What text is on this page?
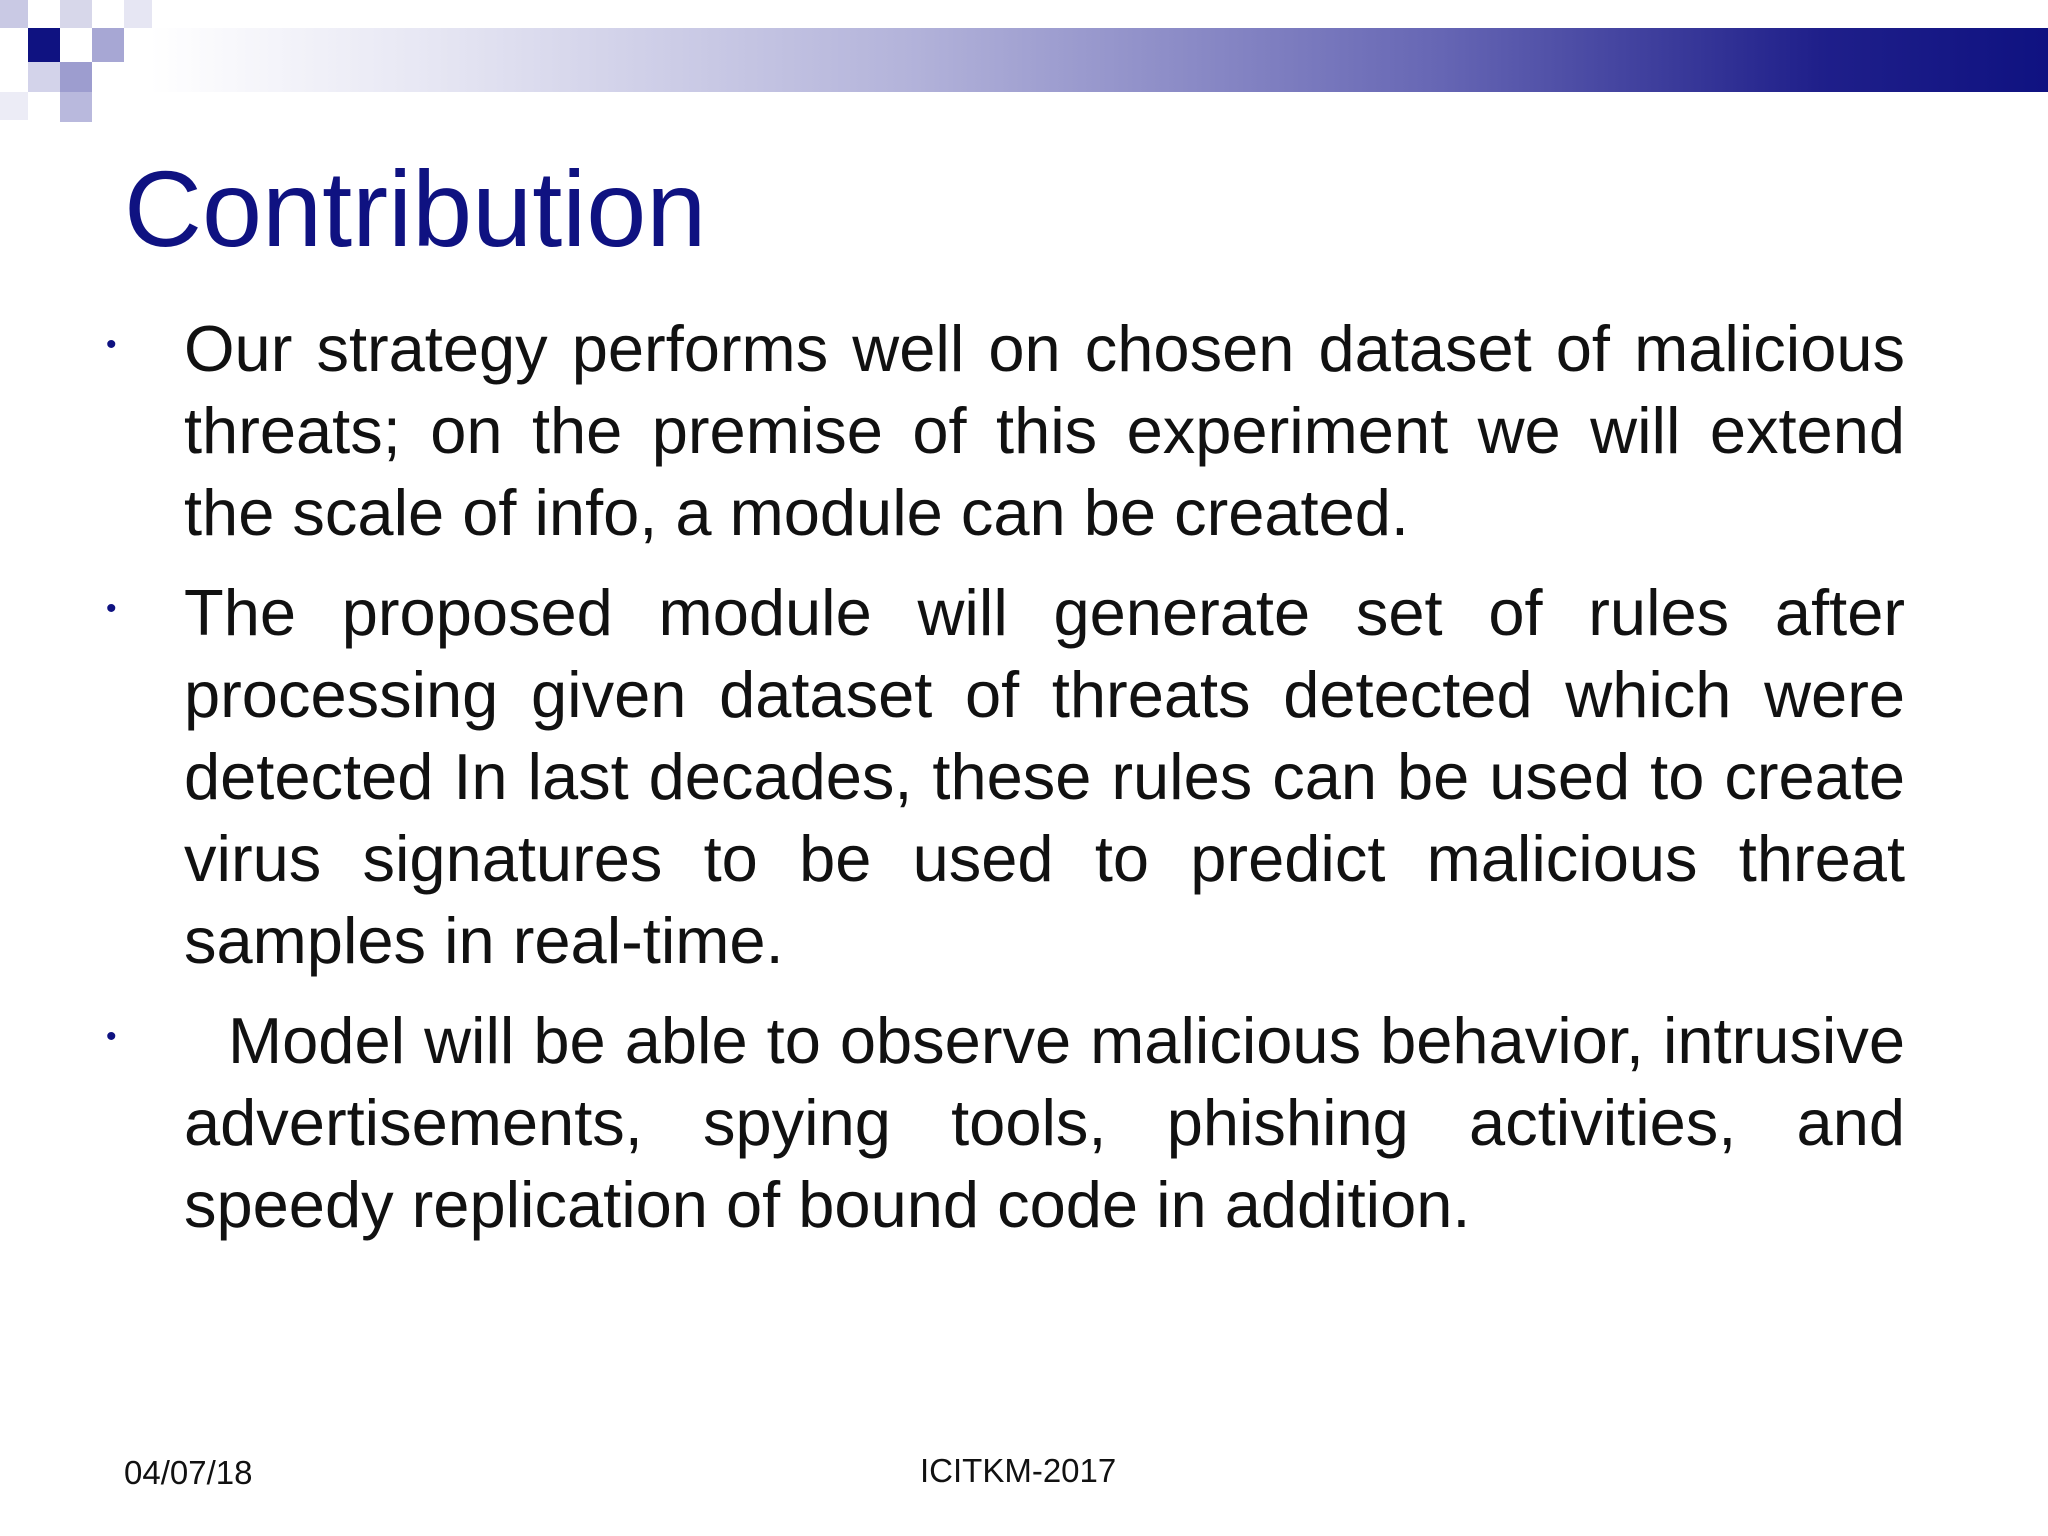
Contribution
• Our strategy performs well on chosen dataset of malicious threats; on the premise of this experiment we will extend the scale of info, a module can be created.
• The proposed module will generate set of rules after processing given dataset of threats detected which were detected In last decades, these rules can be used to create virus signatures to be used to predict malicious threat samples in real-time.
• Model will be able to observe malicious behavior, intrusive advertisements, spying tools, phishing activities, and speedy replication of bound code in addition.
04/07/18	ICITKM-2017
